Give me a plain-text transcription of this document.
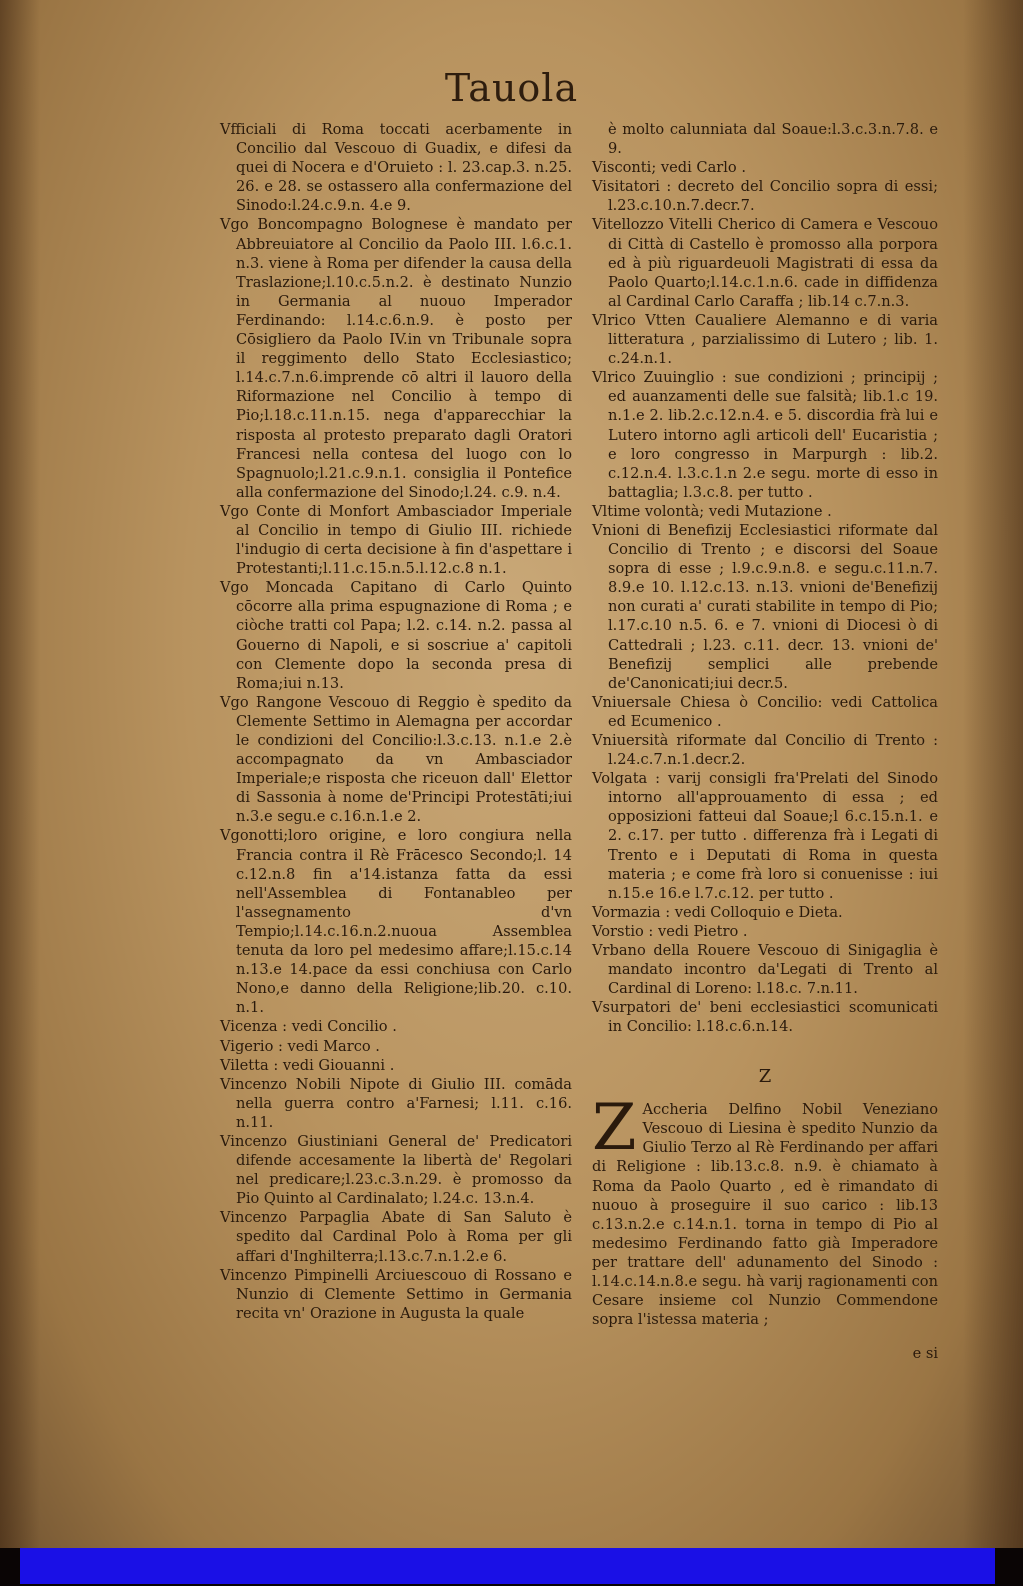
Tauola

Vfficiali di Roma toccati acerbamente in Concilio dal Vescouo di Guadix, e difesi da quei di Nocera e d'Oruieto : l. 23.cap.3. n.25. 26. e 28. se ostassero alla confermazione del Sinodo:l.24.c.9.n. 4.e 9.

Vgo Boncompagno Bolognese è mandato per Abbreuiatore al Concilio da Paolo III. l.6.c.1. n.3. viene à Roma per difender la causa della Traslazione;l.10.c.5.n.2. è destinato Nunzio in Germania al nuouo Imperador Ferdinando: l.14.c.6.n.9. è posto per Cōsigliero da Paolo IV.in vn Tribunale sopra il reggimento dello Stato Ecclesiastico; l.14.c.7.n.6.imprende cō altri il lauoro della Riformazione nel Concilio à tempo di Pio;l.18.c.11.n.15. nega d'apparecchiar la risposta al protesto preparato dagli Oratori Francesi nella contesa del luogo con lo Spagnuolo;l.21.c.9.n.1. consiglia il Pontefice alla confermazione del Sinodo;l.24. c.9. n.4.

Vgo Conte di Monfort Ambasciador Imperiale al Concilio in tempo di Giulio III. richiede l'indugio di certa decisione à fin d'aspettare i Protestanti;l.11.c.15.n.5.l.12.c.8 n.1.

Vgo Moncada Capitano di Carlo Quinto cōcorre alla prima espugnazione di Roma ; e ciòche tratti col Papa; l.2. c.14. n.2. passa al Gouerno di Napoli, e si soscriue a' capitoli con Clemente dopo la seconda presa di Roma;iui n.13.

Vgo Rangone Vescouo di Reggio è spedito da Clemente Settimo in Alemagna per accordar le condizioni del Concilio:l.3.c.13. n.1.e 2.è accompagnato da vn Ambasciador Imperiale;e risposta che riceuon dall' Elettor di Sassonia à nome de'Principi Protestāti;iui n.3.e segu.e c.16.n.1.e 2.

Vgonotti;loro origine, e loro congiura nella Francia contra il Rè Frācesco Secondo;l. 14 c.12.n.8 fin a'14.istanza fatta da essi nell'Assemblea di Fontanableo per l'assegnamento d'vn Tempio;l.14.c.16.n.2.nuoua Assemblea tenuta da loro pel medesimo affare;l.15.c.14 n.13.e 14.pace da essi conchiusa con Carlo Nono,e danno della Religione;lib.20. c.10. n.1.

Vicenza : vedi Concilio .

Vigerio : vedi Marco .

Viletta : vedi Giouanni .

Vincenzo Nobili Nipote di Giulio III. comāda nella guerra contro a'Farnesi; l.11. c.16. n.11.

Vincenzo Giustiniani General de' Predicatori difende accesamente la libertà de' Regolari nel predicare;l.23.c.3.n.29. è promosso da Pio Quinto al Cardinalato; l.24.c. 13.n.4.

Vincenzo Parpaglia Abate di San Saluto è spedito dal Cardinal Polo à Roma per gli affari d'Inghilterra;l.13.c.7.n.1.2.e 6.

Vincenzo Pimpinelli Arciuescouo di Rossano e Nunzio di Clemente Settimo in Germania recita vn' Orazione in Augusta la quale

è molto calunniata dal Soaue:l.3.c.3.n.7.8. e 9.

Visconti; vedi Carlo .

Visitatori : decreto del Concilio sopra di essi; l.23.c.10.n.7.decr.7.

Vitellozzo Vitelli Cherico di Camera e Vescouo di Città di Castello è promosso alla porpora ed à più riguardeuoli Magistrati di essa da Paolo Quarto;l.14.c.1.n.6. cade in diffidenza al Cardinal Carlo Caraffa ; lib.14 c.7.n.3.

Vlrico Vtten Caualiere Alemanno e di varia litteratura , parzialissimo di Lutero ; lib. 1. c.24.n.1.

Vlrico Zuuinglio : sue condizioni ; principij ; ed auanzamenti delle sue falsità; lib.1.c 19. n.1.e 2. lib.2.c.12.n.4. e 5. discordia frà lui e Lutero intorno agli articoli dell' Eucaristia ; e loro congresso in Marpurgh : lib.2. c.12.n.4. l.3.c.1.n 2.e segu. morte di esso in battaglia; l.3.c.8. per tutto .

Vltime volontà; vedi Mutazione .

Vnioni di Benefizij Ecclesiastici riformate dal Concilio di Trento ; e discorsi del Soaue sopra di esse ; l.9.c.9.n.8. e segu.c.11.n.7. 8.9.e 10. l.12.c.13. n.13. vnioni de'Benefizij non curati a' curati stabilite in tempo di Pio; l.17.c.10 n.5. 6. e 7. vnioni di Diocesi ò di Cattedrali ; l.23. c.11. decr. 13. vnioni de' Benefizij semplici alle prebende de'Canonicati;iui decr.5.

Vniuersale Chiesa ò Concilio: vedi Cattolica ed Ecumenico .

Vniuersità riformate dal Concilio di Trento : l.24.c.7.n.1.decr.2.

Volgata : varij consigli fra'Prelati del Sinodo intorno all'approuamento di essa ; ed opposizioni fatteui dal Soaue;l 6.c.15.n.1. e 2. c.17. per tutto . differenza frà i Legati di Trento e i Deputati di Roma in questa materia ; e come frà loro si conuenisse : iui n.15.e 16.e l.7.c.12. per tutto .

Vormazia : vedi Colloquio e Dieta.

Vorstio : vedi Pietro .

Vrbano della Rouere Vescouo di Sinigaglia è mandato incontro da'Legati di Trento al Cardinal di Loreno: l.18.c. 7.n.11.

Vsurpatori de' beni ecclesiastici scomunicati in Concilio: l.18.c.6.n.14.

Z

Z Accheria Delfino Nobil Veneziano Vescouo di Liesina è spedito Nunzio da Giulio Terzo al Rè Ferdinando per affari di Religione : lib.13.c.8. n.9. è chiamato à Roma da Paolo Quarto , ed è rimandato di nuouo à proseguire il suo carico : lib.13 c.13.n.2.e c.14.n.1. torna in tempo di Pio al medesimo Ferdinando fatto già Imperadore per trattare dell' adunamento del Sinodo : l.14.c.14.n.8.e segu. hà varij ragionamenti con Cesare insieme col Nunzio Commendone sopra l'istessa materia ;

e si
